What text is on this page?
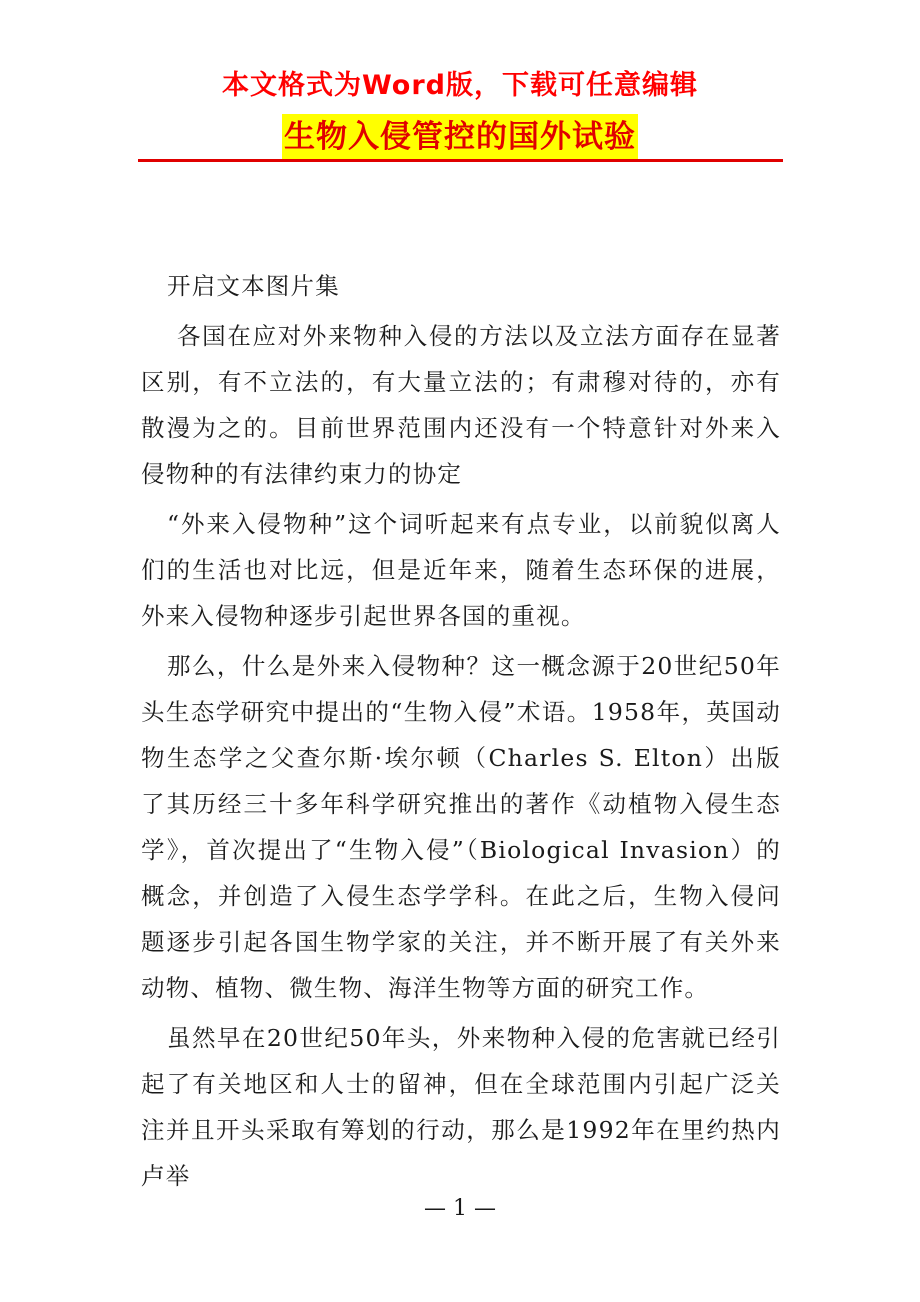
本文格式为Word版，下载可任意编辑
生物入侵管控的国外试验

开启文本图片集

各国在应对外来物种入侵的方法以及立法方面存在显著区别，有不立法的，有大量立法的；有肃穆对待的，亦有散漫为之的。目前世界范围内还没有一个特意针对外来入侵物种的有法律约束力的协定

“外来入侵物种”这个词听起来有点专业，以前貌似离人们的生活也对比远，但是近年来，随着生态环保的进展，外来入侵物种逐步引起世界各国的重视。

那么，什么是外来入侵物种？这一概念源于20世纪50年头生态学研究中提出的“生物入侵”术语。1958年，英国动物生态学之父查尔斯·埃尔顿（Charles S. Elton）出版了其历经三十多年科学研究推出的著作《动植物入侵生态学》，首次提出了“生物入侵”（Biological Invasion）的概念，并创造了入侵生态学学科。在此之后，生物入侵问题逐步引起各国生物学家的关注，并不断开展了有关外来动物、植物、微生物、海洋生物等方面的研究工作。

虽然早在20世纪50年头，外来物种入侵的危害就已经引起了有关地区和人士的留神，但在全球范围内引起广泛关注并且开头采取有筹划的行动，那么是1992年在里约热内卢举

— 1 —
